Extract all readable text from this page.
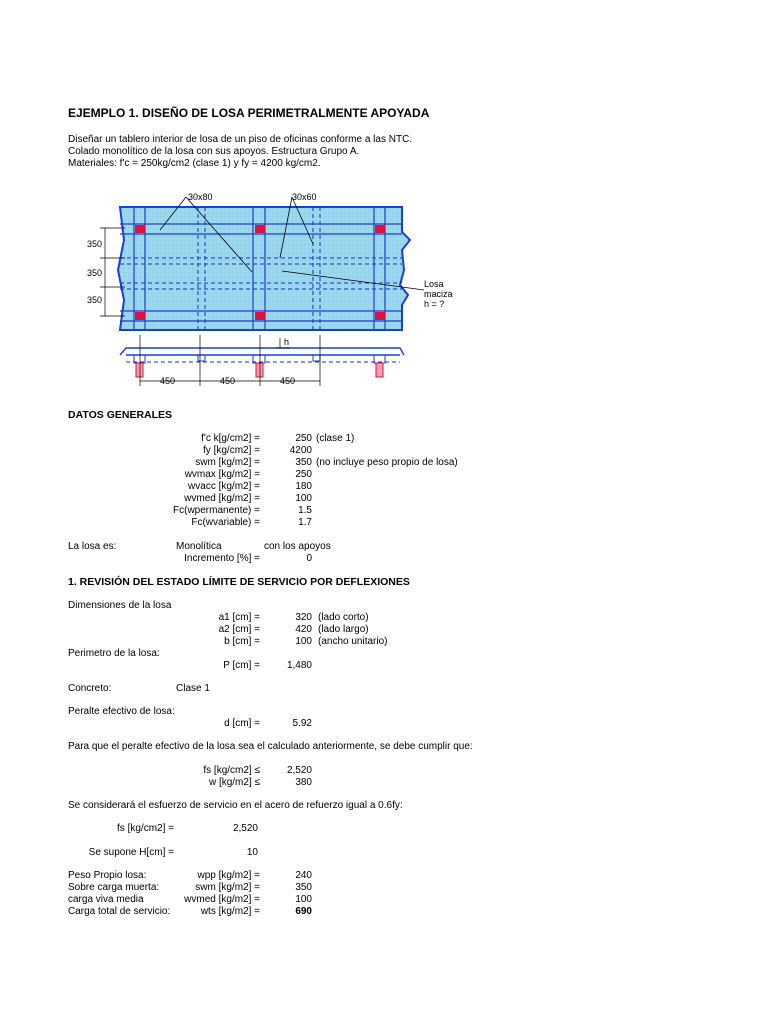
EJEMPLO 1. DISEÑO DE LOSA PERIMETRALMENTE APOYADA
Diseñar un tablero interior de losa de un piso de oficinas conforme a las NTC.
Colado monolítico de la losa con sus apoyos. Estructura Grupo A.
Materiales: f'c = 250kg/cm2 (clase 1) y fy = 4200 kg/cm2.
30x80	30x60
Losa
maciza
h = ?
350
350
350
h
450	450	450
DATOS GENERALES
f'c k[g/cm2] =	250 (clase 1)
fy [kg/cm2] =	4200
swm [kg/m2] =	350 (no incluye peso propio de losa)
wvmax [kg/m2] =	250
wvacc [kg/m2] =	180
wvmed [kg/m2] =	100
Fc(wpermanente) =	1.5
Fc(wvariable) =	1.7
La losa es:	Monolítica	con los apoyos
Incremento [%] =	0
1. REVISIÓN DEL ESTADO LÍMITE DE SERVICIO POR DEFLEXIONES
Dimensiones de la losa
a1 [cm] =	320 (lado corto)
a2 [cm] =	420 (lado largo)
b [cm] =	100 (ancho unitario)
Perimetro de la losa:
P [cm] =	1,480
Concreto:	Clase 1
Peralte efectivo de losa:
d [cm] =	5.92
Para que el peralte efectivo de la losa sea el calculado anteriormente, se debe cumplir que:
fs [kg/cm2] ≤	2,520
w [kg/m2] ≤	380
Se considerará el esfuerzo de servicio en el acero de refuerzo igual a 0.6fy:
fs [kg/cm2] =	2,520
Se supone H[cm] =	10
Peso Propio losa:	wpp [kg/m2] =	240
Sobre carga muerta:	swm [kg/m2] =	350
carga viva media	wvmed [kg/m2] =	100
Carga total de servicio:	wts [kg/m2] =	690
